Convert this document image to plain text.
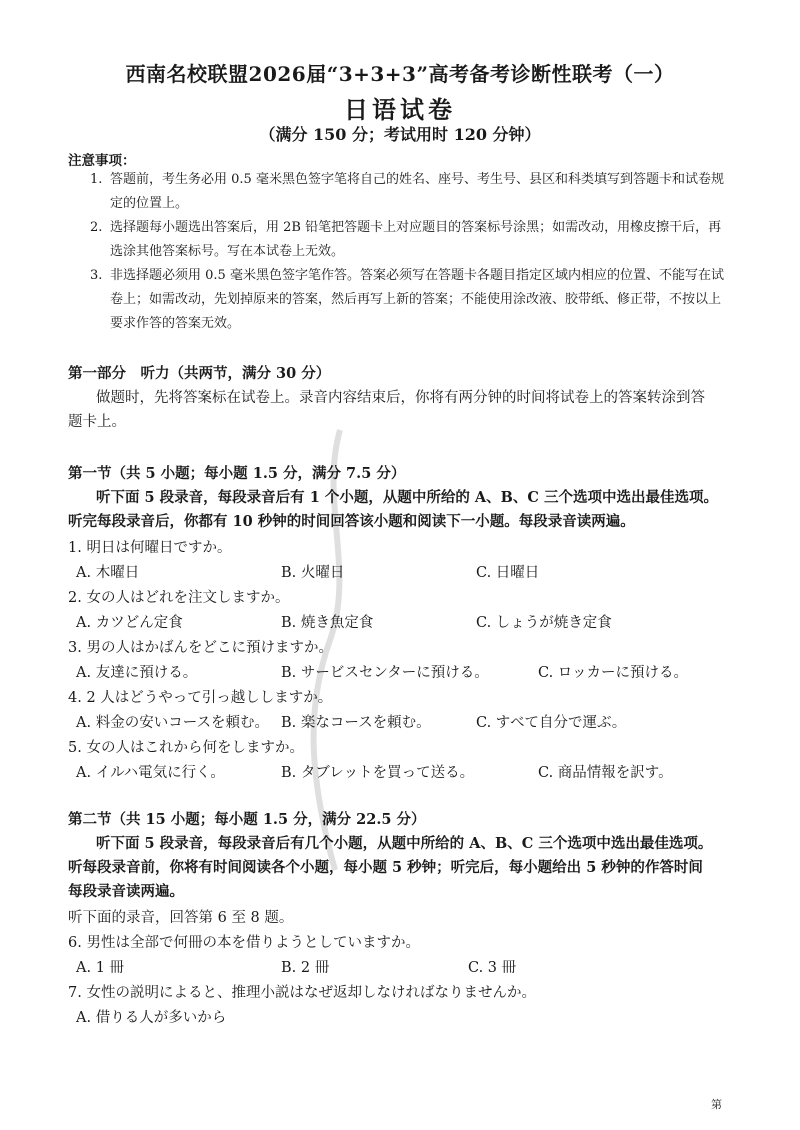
西南名校联盟2026届“3+3+3”高考备考诊断性联考（一）
日语试卷
（满分 150 分；考试用时 120 分钟）
注意事项：
1. 答题前，考生务必用 0.5 毫米黑色签字笔将自己的姓名、座号、考生号、县区和科类填写到答题卡和试卷规
定的位置上。
2. 选择题每小题选出答案后，用 2B 铅笔把答题卡上对应题目的答案标号涂黑；如需改动，用橡皮擦干后，再
选涂其他答案标号。写在本试卷上无效。
3. 非选择题必须用 0.5 毫米黑色签字笔作答。答案必须写在答题卡各题目指定区域内相应的位置、不能写在试
卷上；如需改动，先划掉原来的答案，然后再写上新的答案；不能使用涂改液、胶带纸、修正带，不按以上
要求作答的答案无效。
第一部分　听力（共两节，满分 30 分）
做题时，先将答案标在试卷上。录音内容结束后，你将有两分钟的时间将试卷上的答案转涂到答
题卡上。
第一节（共 5 小题；每小题 1.5 分，满分 7.5 分）
听下面 5 段录音，每段录音后有 1 个小题，从题中所给的 A、B、C 三个选项中选出最佳选项。
听完每段录音后，你都有 10 秒钟的时间回答该小题和阅读下一小题。每段录音读两遍。
1. 明日は何曜日ですか。
A. 木曜日	B. 火曜日	C. 日曜日
2. 女の人はどれを注文しますか。
A. カツどん定食	B. 焼き魚定食	C. しょうが焼き定食
3. 男の人はかばんをどこに預けますか。
A. 友達に預ける。	B. サービスセンターに預ける。	C. ロッカーに預ける。
4. 2 人はどうやって引っ越ししますか。
A. 料金の安いコースを頼む。 B. 楽なコースを頼む。	C. すべて自分で運ぶ。
5. 女の人はこれから何をしますか。
A. イルハ電気に行く。	B. タブレットを買って送る。	C. 商品情報を訳す。
第二节（共 15 小题；每小题 1.5 分，满分 22.5 分）
听下面 5 段录音，每段录音后有几个小题，从题中所给的 A、B、C 三个选项中选出最佳选项。
听每段录音前，你将有时间阅读各个小题，每小题 5 秒钟；听完后，每小题给出 5 秒钟的作答时间
每段录音读两遍。
听下面的录音，回答第 6 至 8 题。
6. 男性は全部で何冊の本を借りようとしていますか。
A. 1 冊	B. 2 冊	C. 3 冊
7. 女性の説明によると、推理小説はなぜ返却しなければなりませんか。
A. 借りる人が多いから
第
